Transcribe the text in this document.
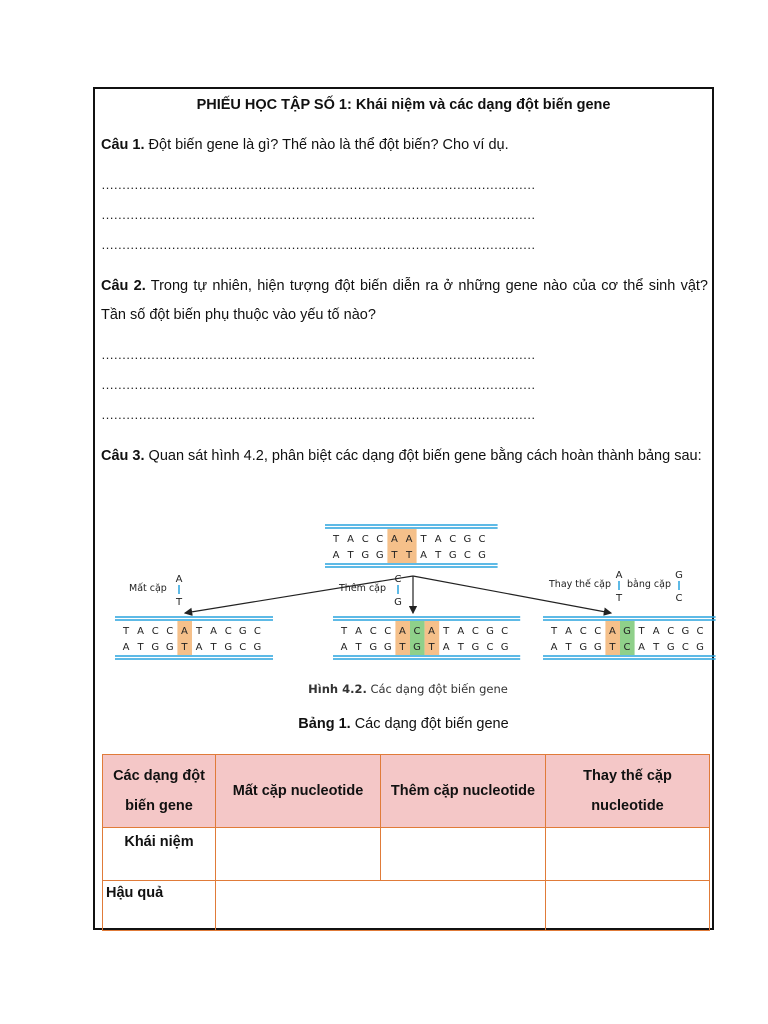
PHIẾU HỌC TẬP SỐ 1: Khái niệm và các dạng đột biến gene
Câu 1. Đột biến gene là gì? Thế nào là thể đột biến? Cho ví dụ.
……………………………………………………………………………………………
……………………………………………………………………………………………
……………………………………………………………………………………………
Câu 2. Trong tự nhiên, hiện tượng đột biến diễn ra ở những gene nào của cơ thể sinh vật? Tần số đột biến phụ thuộc vào yếu tố nào?
……………………………………………………………………………………………
……………………………………………………………………………………………
……………………………………………………………………………………………
Câu 3. Quan sát hình 4.2, phân biệt các dạng đột biến gene bằng cách hoàn thành bảng sau:
T A C C A A T A C G C
A T G G T T A T G C G
T A C C A T A C G C
A T G G T A T G C G
T A C C A C A T A C G C
A T G G T G T A T G C G
T A C C A G T A C G C
A T G G T C A T G C G
Mất cặp
A
T
Thêm cặp
C
G
Thay thế cặp
A
T
bằng cặp
G
C
Hình 4.2. Các dạng đột biến gene
Bảng 1. Các dạng đột biến gene
Các dạng đột biến gene	Mất cặp nucleotide	Thêm cặp nucleotide	Thay thế cặp nucleotide
Khái niệm			
Hậu quả			
